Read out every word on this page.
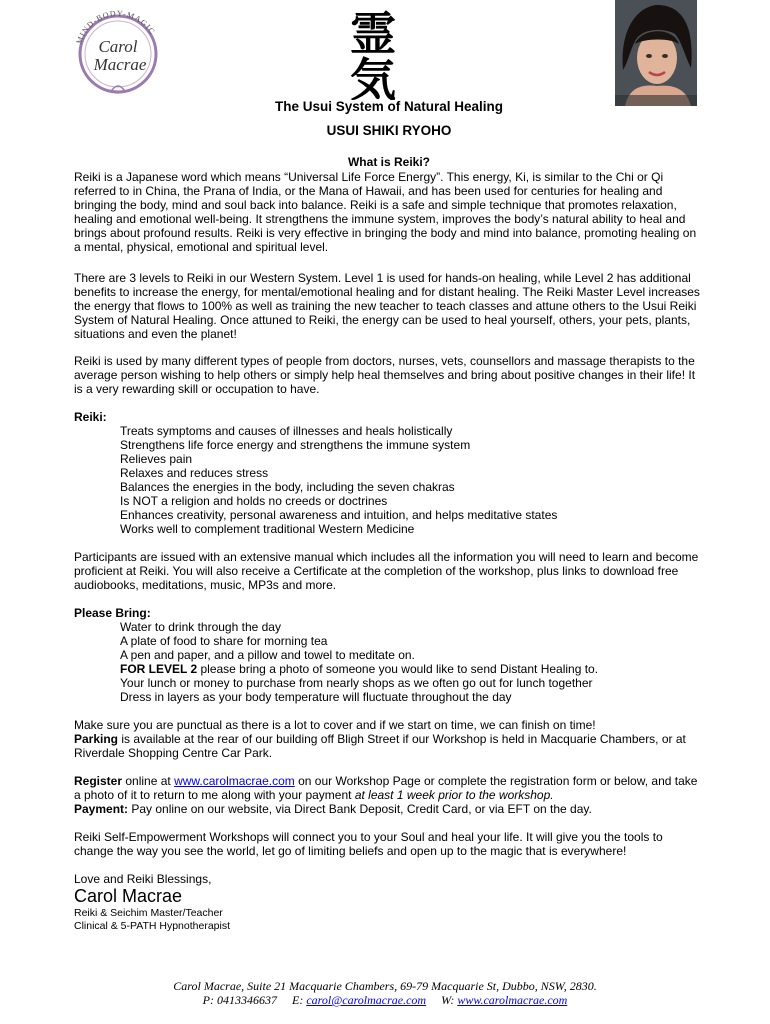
MIND-BODY-MAGIC
Carol
Macrae
霊
気
The Usui System of Natural Healing
USUI SHIKI RYOHO
What is Reiki?

Reiki is a Japanese word which means “Universal Life Force Energy”. This energy, Ki, is similar to the Chi or Qi referred to in China, the Prana of India, or the Mana of Hawaii, and has been used for centuries for healing and bringing the body, mind and soul back into balance. Reiki is a safe and simple technique that promotes relaxation, healing and emotional well-being. It strengthens the immune system, improves the body’s natural ability to heal and brings about profound results. Reiki is very effective in bringing the body and mind into balance, promoting healing on a mental, physical, emotional and spiritual level.

There are 3 levels to Reiki in our Western System. Level 1 is used for hands-on healing, while Level 2 has additional benefits to increase the energy, for mental/emotional healing and for distant healing. The Reiki Master Level increases the energy that flows to 100% as well as training the new teacher to teach classes and attune others to the Usui Reiki System of Natural Healing. Once attuned to Reiki, the energy can be used to heal yourself, others, your pets, plants, situations and even the planet!

Reiki is used by many different types of people from doctors, nurses, vets, counsellors and massage therapists to the average person wishing to help others or simply help heal themselves and bring about positive changes in their life! It is a very rewarding skill or occupation to have.

Reiki:
Treats symptoms and causes of illnesses and heals holistically
Strengthens life force energy and strengthens the immune system
Relieves pain
Relaxes and reduces stress
Balances the energies in the body, including the seven chakras
Is NOT a religion and holds no creeds or doctrines
Enhances creativity, personal awareness and intuition, and helps meditative states
Works well to complement traditional Western Medicine

Participants are issued with an extensive manual which includes all the information you will need to learn and become proficient at Reiki. You will also receive a Certificate at the completion of the workshop, plus links to download free audiobooks, meditations, music, MP3s and more.

Please Bring:
Water to drink through the day
A plate of food to share for morning tea
A pen and paper, and a pillow and towel to meditate on.
FOR LEVEL 2 please bring a photo of someone you would like to send Distant Healing to.
Your lunch or money to purchase from nearly shops as we often go out for lunch together
Dress in layers as your body temperature will fluctuate throughout the day

Make sure you are punctual as there is a lot to cover and if we start on time, we can finish on time!

Parking is available at the rear of our building off Bligh Street if our Workshop is held in Macquarie Chambers, or at Riverdale Shopping Centre Car Park.

Register online at www.carolmacrae.com on our Workshop Page or complete the registration form or below, and take a photo of it to return to me along with your payment at least 1 week prior to the workshop.
Payment: Pay online on our website, via Direct Bank Deposit, Credit Card, or via EFT on the day.

Reiki Self-Empowerment Workshops will connect you to your Soul and heal your life. It will give you the tools to change the way you see the world, let go of limiting beliefs and open up to the magic that is everywhere!

Love and Reiki Blessings,

Carol Macrae
Reiki & Seichim Master/Teacher
Clinical & 5-PATH Hypnotherapist
Carol Macrae, Suite 21 Macquarie Chambers, 69-79 Macquarie St, Dubbo, NSW, 2830.
P: 0413346637 E: carol@carolmacrae.com W: www.carolmacrae.com
